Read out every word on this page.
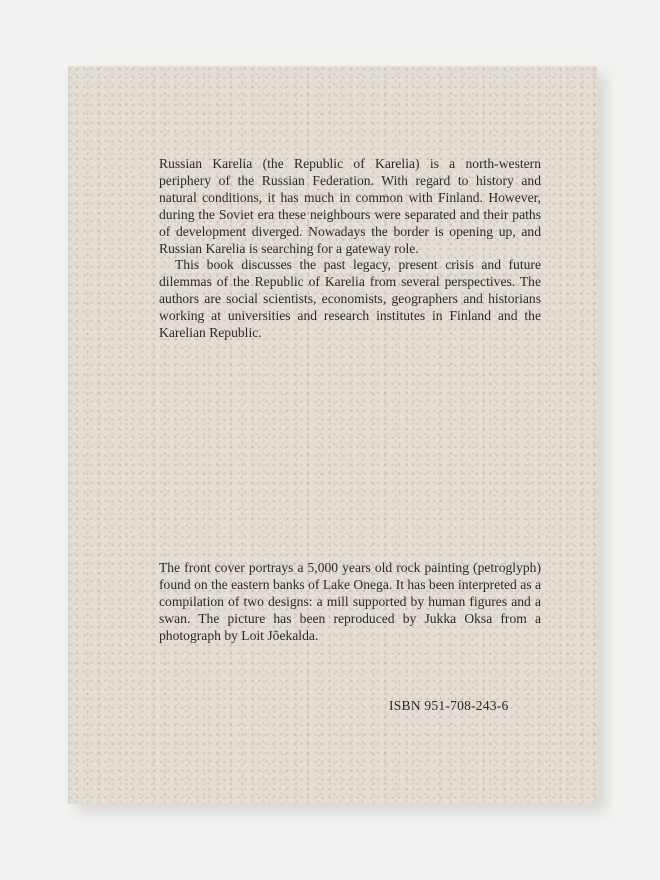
Russian Karelia (the Republic of Karelia) is a north-western periphery of the Russian Federation. With regard to history and natural conditions, it has much in common with Finland. However, during the Soviet era these neighbours were separated and their paths of development diverged. Nowadays the border is opening up, and Russian Karelia is searching for a gateway role.

This book discusses the past legacy, present crisis and future dilemmas of the Republic of Karelia from several perspectives. The authors are social scientists, economists, geographers and historians working at universities and research institutes in Finland and the Karelian Republic.

The front cover portrays a 5,000 years old rock painting (petroglyph) found on the eastern banks of Lake Onega. It has been interpreted as a compilation of two designs: a mill supported by human figures and a swan. The picture has been reproduced by Jukka Oksa from a photograph by Loit Jõekalda.

ISBN 951-708-243-6
